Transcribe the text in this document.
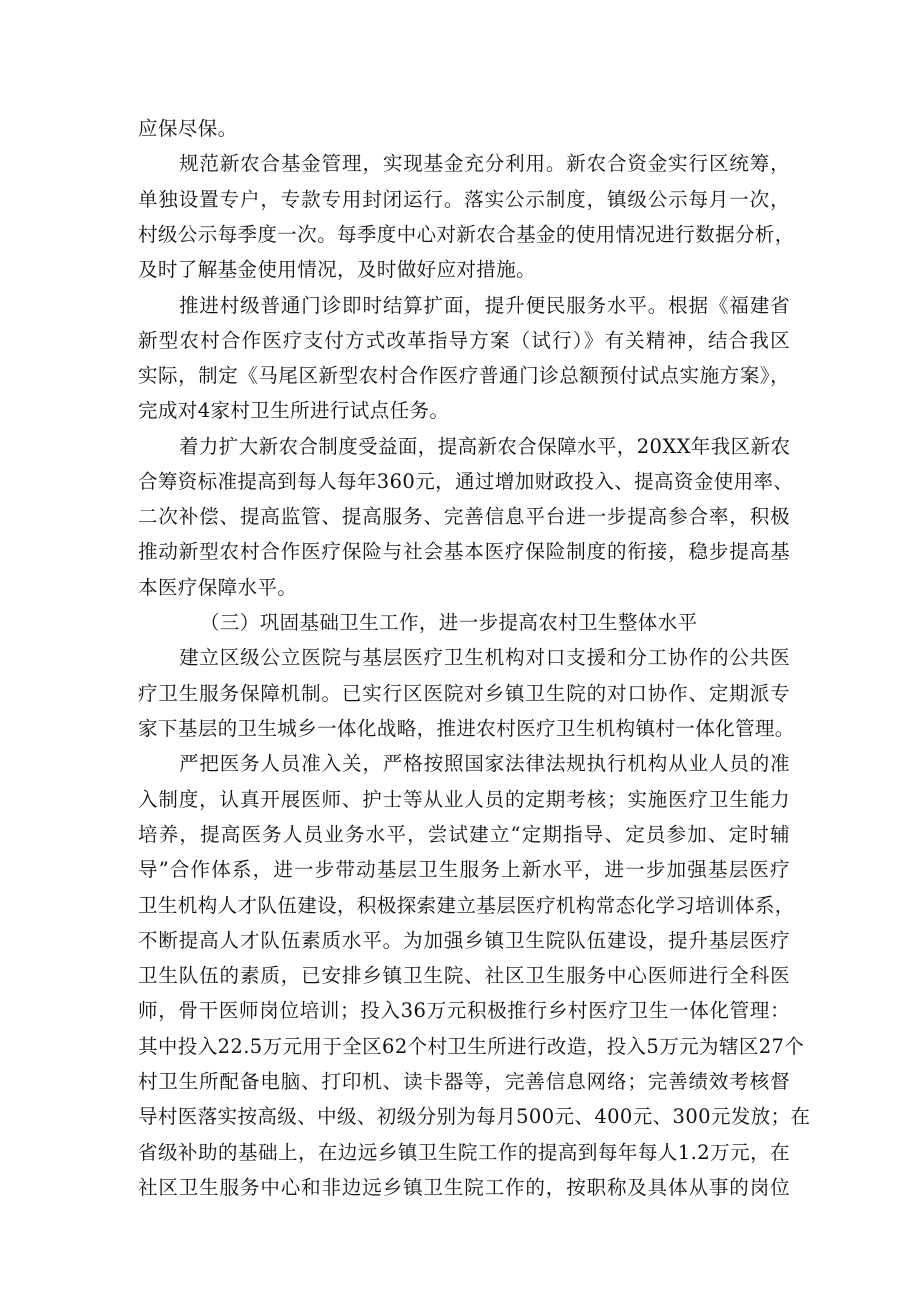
应保尽保。
规范新农合基金管理，实现基金充分利用。新农合资金实行区统筹，
单独设置专户，专款专用封闭运行。落实公示制度，镇级公示每月一次，
村级公示每季度一次。每季度中心对新农合基金的使用情况进行数据分析，
及时了解基金使用情况，及时做好应对措施。
推进村级普通门诊即时结算扩面，提升便民服务水平。根据《福建省
新型农村合作医疗支付方式改革指导方案（试行）》有关精神，结合我区
实际，制定《马尾区新型农村合作医疗普通门诊总额预付试点实施方案》，
完成对4家村卫生所进行试点任务。
着力扩大新农合制度受益面，提高新农合保障水平，20XX年我区新农
合筹资标准提高到每人每年360元，通过增加财政投入、提高资金使用率、
二次补偿、提高监管、提高服务、完善信息平台进一步提高参合率，积极
推动新型农村合作医疗保险与社会基本医疗保险制度的衔接，稳步提高基
本医疗保障水平。
（三）巩固基础卫生工作，进一步提高农村卫生整体水平
建立区级公立医院与基层医疗卫生机构对口支援和分工协作的公共医
疗卫生服务保障机制。已实行区医院对乡镇卫生院的对口协作、定期派专
家下基层的卫生城乡一体化战略，推进农村医疗卫生机构镇村一体化管理。
严把医务人员准入关，严格按照国家法律法规执行机构从业人员的准
入制度，认真开展医师、护士等从业人员的定期考核；实施医疗卫生能力
培养，提高医务人员业务水平，尝试建立“定期指导、定员参加、定时辅
导”合作体系，进一步带动基层卫生服务上新水平，进一步加强基层医疗
卫生机构人才队伍建设，积极探索建立基层医疗机构常态化学习培训体系，
不断提高人才队伍素质水平。为加强乡镇卫生院队伍建设，提升基层医疗
卫生队伍的素质，已安排乡镇卫生院、社区卫生服务中心医师进行全科医
师，骨干医师岗位培训；投入36万元积极推行乡村医疗卫生一体化管理：
其中投入22.5万元用于全区62个村卫生所进行改造，投入5万元为辖区27个
村卫生所配备电脑、打印机、读卡器等，完善信息网络；完善绩效考核督
导村医落实按高级、中级、初级分别为每月500元、400元、300元发放；在
省级补助的基础上，在边远乡镇卫生院工作的提高到每年每人1.2万元，在
社区卫生服务中心和非边远乡镇卫生院工作的，按职称及具体从事的岗位
